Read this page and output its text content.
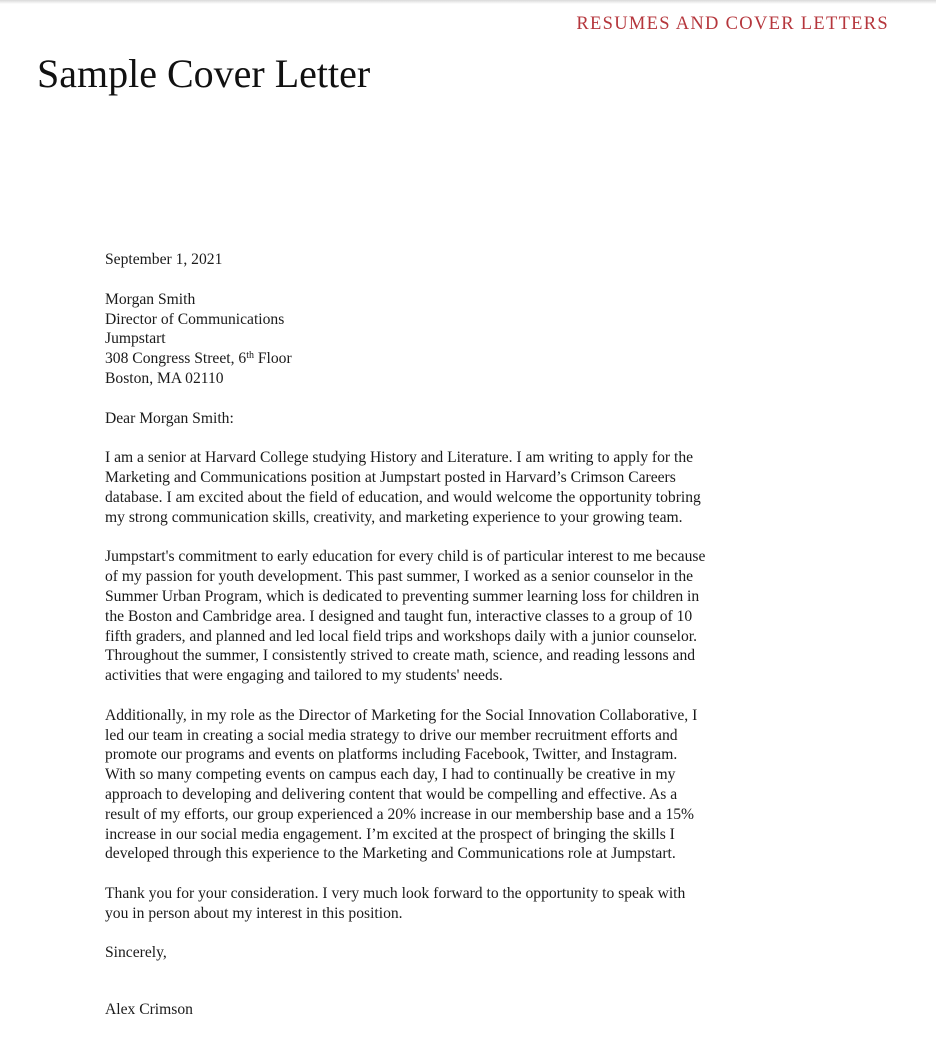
RESUMES AND COVER LETTERS
Sample Cover Letter
September 1, 2021
Morgan Smith
Director of Communications
Jumpstart
308 Congress Street, 6th Floor
Boston, MA 02110
Dear Morgan Smith:
I am a senior at Harvard College studying History and Literature. I am writing to apply for the
Marketing and Communications position at Jumpstart posted in Harvard’s Crimson Careers
database. I am excited about the field of education, and would welcome the opportunity tobring
my strong communication skills, creativity, and marketing experience to your growing team.
Jumpstart's commitment to early education for every child is of particular interest to me because
of my passion for youth development. This past summer, I worked as a senior counselor in the
Summer Urban Program, which is dedicated to preventing summer learning loss for children in
the Boston and Cambridge area. I designed and taught fun, interactive classes to a group of 10
fifth graders, and planned and led local field trips and workshops daily with a junior counselor.
Throughout the summer, I consistently strived to create math, science, and reading lessons and
activities that were engaging and tailored to my students' needs.
Additionally, in my role as the Director of Marketing for the Social Innovation Collaborative, I
led our team in creating a social media strategy to drive our member recruitment efforts and
promote our programs and events on platforms including Facebook, Twitter, and Instagram.
With so many competing events on campus each day, I had to continually be creative in my
approach to developing and delivering content that would be compelling and effective. As a
result of my efforts, our group experienced a 20% increase in our membership base and a 15%
increase in our social media engagement. I’m excited at the prospect of bringing the skills I
developed through this experience to the Marketing and Communications role at Jumpstart.
Thank you for your consideration. I very much look forward to the opportunity to speak with
you in person about my interest in this position.
Sincerely,
Alex Crimson
